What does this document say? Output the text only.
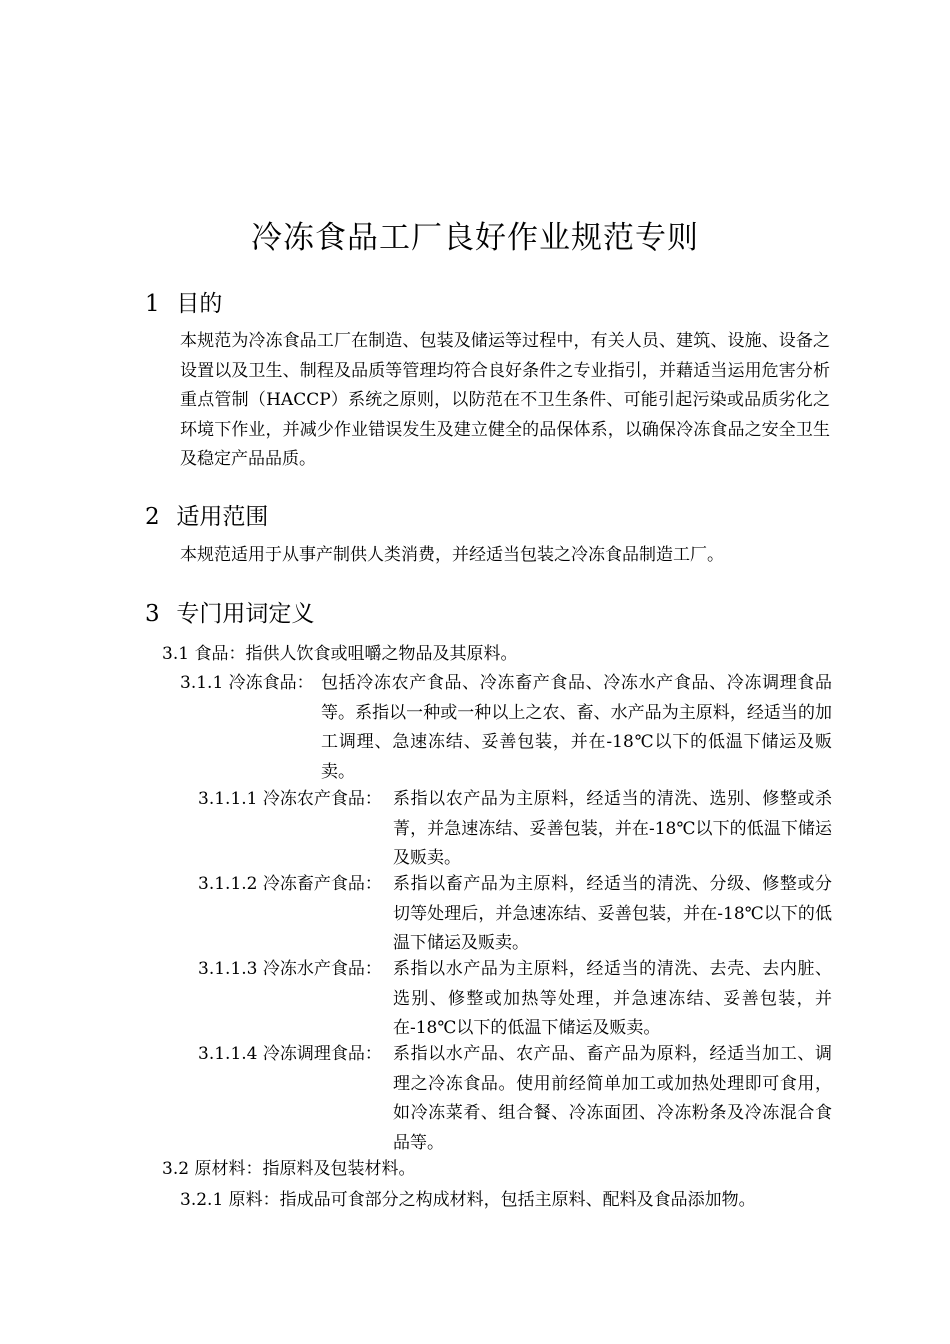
冷冻食品工厂良好作业规范专则
1 目的

本规范为冷冻食品工厂在制造、包装及储运等过程中，有关人员、建筑、设施、设备之设置以及卫生、制程及品质等管理均符合良好条件之专业指引，并藉适当运用危害分析重点管制（HACCP）系统之原则，以防范在不卫生条件、可能引起污染或品质劣化之环境下作业，并减少作业错误发生及建立健全的品保体系，以确保冷冻食品之安全卫生及稳定产品品质。

2 适用范围

本规范适用于从事产制供人类消费，并经适当包装之冷冻食品制造工厂。

3 专门用词定义
3.1 食品： 指供人饮食或咀嚼之物品及其原料。
3.1.1 冷冻食品： 包括冷冻农产食品、冷冻畜产食品、冷冻水产食品、冷冻调理食品等。系指以一种或一种以上之农、畜、水产品为主原料，经适当的加工调理、急速冻结、妥善包装，并在-18℃以下的低温下储运及贩卖。
3.1.1.1 冷冻农产食品： 系指以农产品为主原料，经适当的清洗、选别、修整或杀菁，并急速冻结、妥善包装，并在-18℃以下的低温下储运及贩卖。
3.1.1.2 冷冻畜产食品： 系指以畜产品为主原料，经适当的清洗、分级、修整或分切等处理后，并急速冻结、妥善包装，并在-18℃以下的低温下储运及贩卖。
3.1.1.3 冷冻水产食品： 系指以水产品为主原料，经适当的清洗、去壳、去内脏、选别、修整或加热等处理，并急速冻结、妥善包装，并在-18℃以下的低温下储运及贩卖。
3.1.1.4 冷冻调理食品： 系指以水产品、农产品、畜产品为原料，经适当加工、调理之冷冻食品。使用前经简单加工或加热处理即可食用，如冷冻菜肴、组合餐、冷冻面团、冷冻粉条及冷冻混合食品等。
3.2 原材料： 指原料及包装材料。
3.2.1 原料： 指成品可食部分之构成材料，包括主原料、配料及食品添加物。
